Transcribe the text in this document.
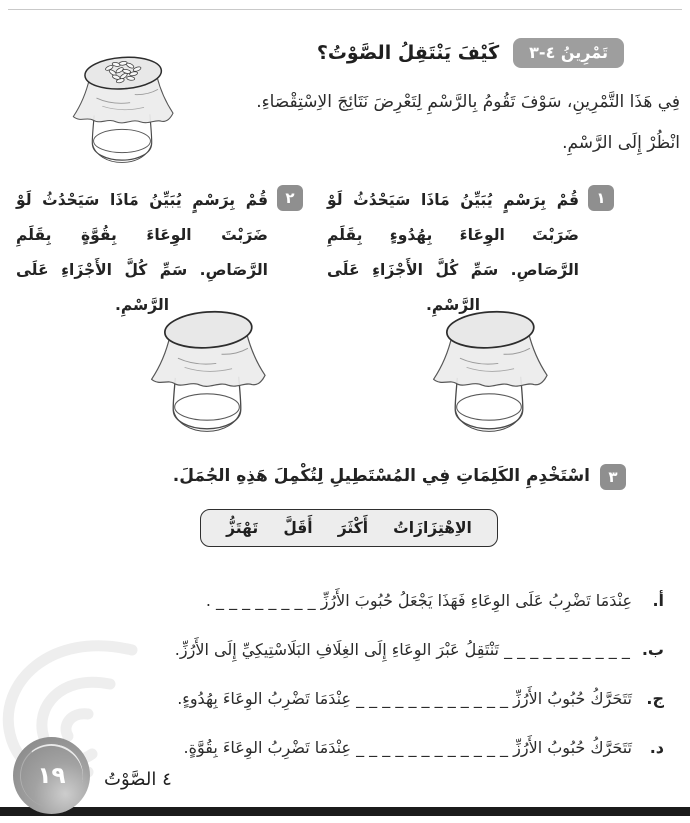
تَمْرِينُ ٤-٣
كَيْفَ يَنْتَقِلُ الصَّوْتُ؟
فِي هَذَا التَّمْرِينِ، سَوْفَ تَقُومُ بِالرَّسْمِ لِتَعْرِضَ نَتَائِجَ الاِسْتِقْصَاءِ.
انْظُرْ إِلَى الرَّسْمِ.
١
قُمْ بِرَسْمٍ يُبَيِّنُ مَاذَا سَيَحْدُثُ لَوْ ضَرَبْتَ الوِعَاءَ بِهُدُوءٍ بِقَلَمِ الرَّصَاصِ. سَمِّ كُلَّ الأَجْزَاءِ عَلَى الرَّسْمِ.
٢
قُمْ بِرَسْمٍ يُبَيِّنُ مَاذَا سَيَحْدُثُ لَوْ ضَرَبْتَ الوِعَاءَ بِقُوَّةٍ بِقَلَمِ الرَّصَاصِ. سَمِّ كُلَّ الأَجْزَاءِ عَلَى الرَّسْمِ.
٣
اسْتَخْدِمِ الكَلِمَاتِ فِي المُسْتَطِيلِ لِتُكْمِلَ هَذِهِ الجُمَلَ.
الاِهْتِزَازَاتُ
أَكْثَرَ
أَقَلَّ
تَهْتَزُّ
أ.
عِنْدَمَا تَضْرِبُ عَلَى الوِعَاءِ فَهَذَا يَجْعَلُ حُبُوبَ الأَرُزِّ _ _ _ _ _ _ _ _ .
ب.
_ _ _ _ _ _ _ _ _ _ تَنْتَقِلُ عَبْرَ الوِعَاءِ إِلَى الغِلَافِ البَلَاسْتِيكِيِّ إِلَى الأَرُزِّ.
ج.
تَتَحَرَّكُ حُبُوبُ الأَرُزِّ _ _ _ _ _ _ _ _ _ _ _ _ عِنْدَمَا تَضْرِبُ الوِعَاءَ بِهُدُوءٍ.
د.
تَتَحَرَّكُ حُبُوبُ الأَرُزِّ _ _ _ _ _ _ _ _ _ _ _ _ عِنْدَمَا تَضْرِبُ الوِعَاءَ بِقُوَّةٍ.
١٩ ٤ الصَّوْتُ
